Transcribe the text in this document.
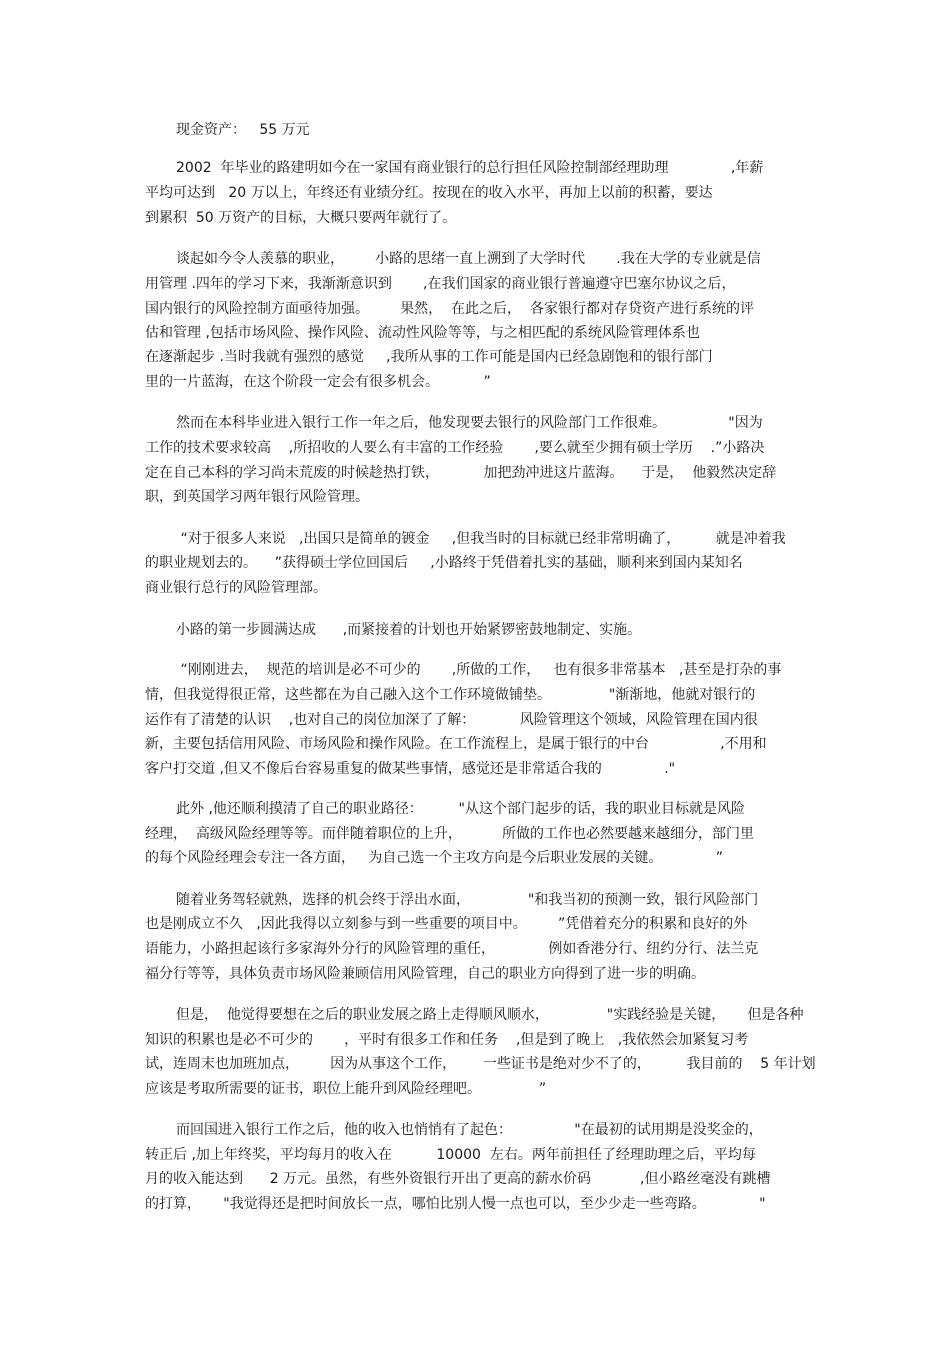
现金资产：   55 万元
2002  年毕业的路建明如今在一家国有商业银行的总行担任风险控制部经理助理              ,年薪
平均可达到   20 万以上，年终还有业绩分红。按现在的收入水平，再加上以前的积蓄，要达
到累积  50 万资产的目标，大概只要两年就行了。
谈起如今令人羡慕的职业，       小路的思绪一直上溯到了大学时代       .我在大学的专业就是信
用管理 .四年的学习下来，我渐渐意识到       ,在我们国家的商业银行普遍遵守巴塞尔协议之后，
国内银行的风险控制方面亟待加强。       果然，  在此之后，  各家银行都对存贷资产进行系统的评
估和管理 ,包括市场风险、操作风险、流动性风险等等，与之相匹配的系统风险管理体系也
在逐渐起步 .当时我就有强烈的感觉     ,我所从事的工作可能是国内已经急剧饱和的银行部门
里的一片蓝海，在这个阶段一定会有很多机会。          ”
然而在本科毕业进入银行工作一年之后，他发现要去银行的风险部门工作很难。              "因为
工作的技术要求较高    ,所招收的人要么有丰富的工作经验       ,要么就至少拥有硕士学历    .”小路决
定在自己本科的学习尚未荒废的时候趁热打铁，          加把劲冲进这片蓝海。    于是，  他毅然决定辞
职，到英国学习两年银行风险管理。
“对于很多人来说   ,出国只是简单的镀金     ,但我当时的目标就已经非常明确了，        就是冲着我
的职业规划去的。    ”获得硕士学位回国后     ,小路终于凭借着扎实的基础，顺利来到国内某知名
商业银行总行的风险管理部。
小路的第一步圆满达成      ,而紧接着的计划也开始紧锣密鼓地制定、实施。
“刚刚进去，  规范的培训是必不可少的       ,所做的工作，   也有很多非常基本   ,甚至是打杂的事
情，但我觉得很正常，这些都在为自己融入这个工作环境做铺垫。             "渐渐地，他就对银行的
运作有了清楚的认识    ,也对自己的岗位加深了了解：          风险管理这个领域，风险管理在国内很
新，主要包括信用风险、市场风险和操作风险。在工作流程上，是属于银行的中台                ,不用和
客户打交道 ,但又不像后台容易重复的做某些事情，感觉还是非常适合我的              ."
此外 ,他还顺利摸清了自己的职业路径：        "从这个部门起步的话，我的职业目标就是风险
经理，  高级风险经理等等。而伴随着职位的上升，         所做的工作也必然要越来越细分，部门里
的每个风险经理会专注一各方面，   为自己选一个主攻方向是今后职业发展的关键。            ”
随着业务驾轻就熟，选择的机会终于浮出水面，             "和我当初的预测一致，银行风险部门
也是刚成立不久   ,因此我得以立刻参与到一些重要的项目中。       ”凭借着充分的积累和良好的外
语能力，小路担起该行多家海外分行的风险管理的重任，            例如香港分行、纽约分行、法兰克
福分行等等，具体负责市场风险兼顾信用风险管理，自己的职业方向得到了进一步的明确。
但是，  他觉得要想在之后的职业发展之路上走得顺风顺水，             "实践经验是关键，     但是各种
知识的积累也是必不可少的       ，平时有很多工作和任务    ,但是到了晚上   ,我依然会加紧复习考
试，连周末也加班加点，       因为从事这个工作，      一些证书是绝对少不了的，        我目前的    5 年计划
应该是考取所需要的证书，职位上能升到风险经理吧。             ”
而回国进入银行工作之后，他的收入也悄悄有了起色：              "在最初的试用期是没奖金的，
转正后 ,加上年终奖，平均每月的收入在          10000  左右。两年前担任了经理助理之后，平均每
月的收入能达到      2 万元。虽然，有些外资银行开出了更高的薪水价码           ,但小路丝毫没有跳槽
的打算，     "我觉得还是把时间放长一点，哪怕比别人慢一点也可以，至少少走一些弯路。            "
